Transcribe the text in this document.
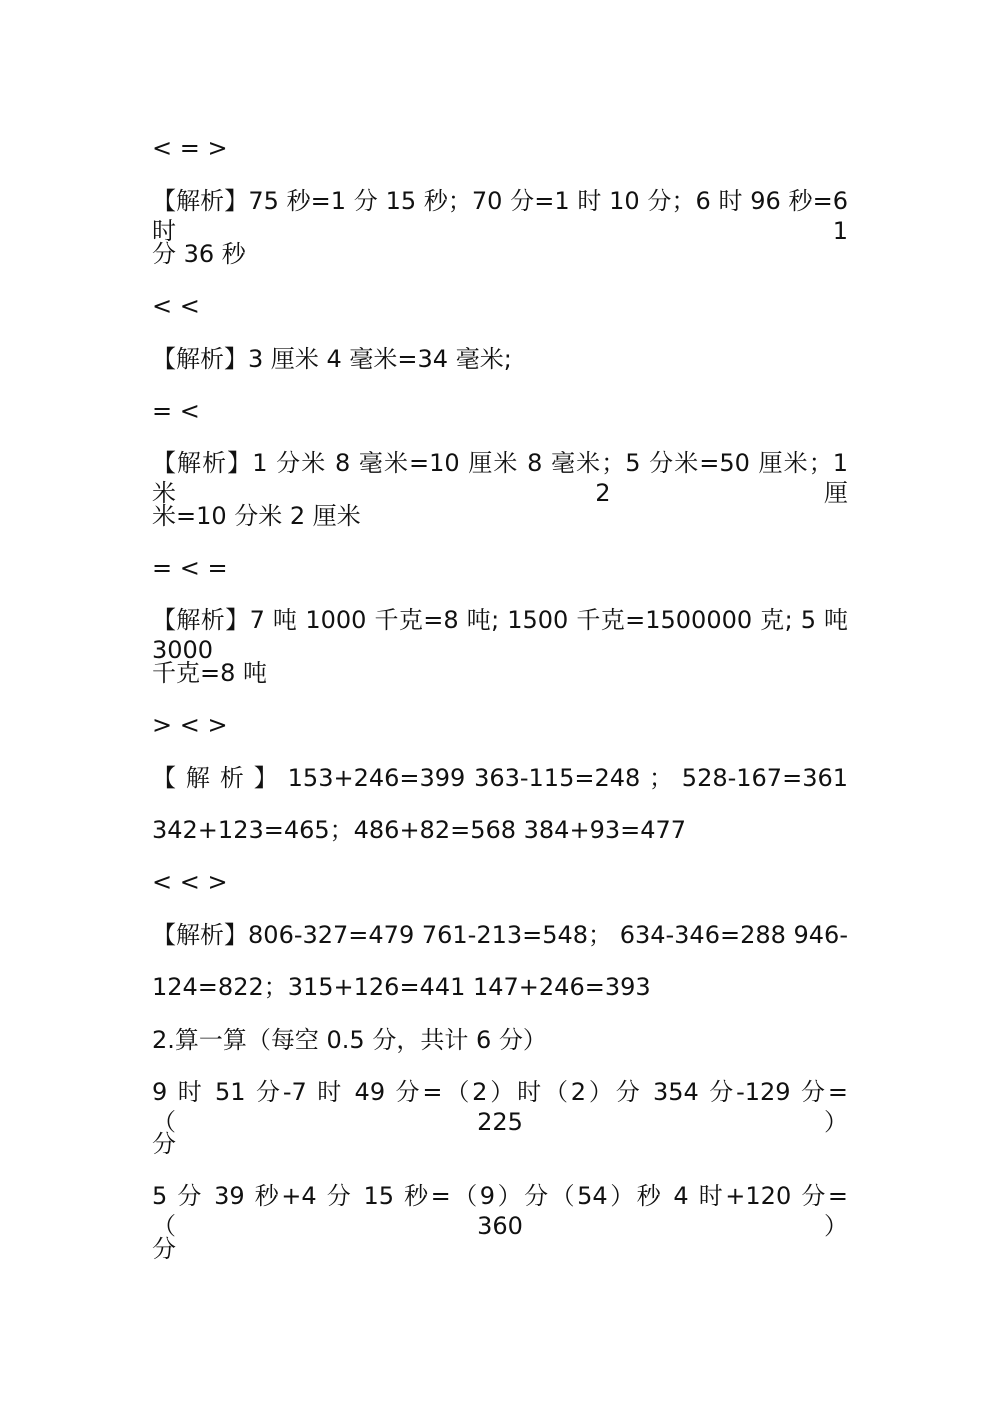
< = >
【解析】75 秒=1 分 15 秒；70 分=1 时 10 分；6 时 96 秒=6 时 1
分 36 秒
< <
【解析】3 厘米 4 毫米=34 毫米;
= <
【解析】1 分米 8 毫米=10 厘米 8 毫米；5 分米=50 厘米；1 米 2 厘
米=10 分米 2 厘米
= < =
【解析】7 吨 1000 千克=8 吨; 1500 千克=1500000 克; 5 吨 3000
千克=8 吨
> < >
【 解 析 】 153+246=399 363-115=248 ； 528-167=361
342+123=465；486+82=568 384+93=477
< < >
【解析】806-327=479 761-213=548； 634-346=288 946-
124=822；315+126=441 147+246=393
2.算一算（每空 0.5 分，共计 6 分）
9 时 51 分-7 时 49 分=（2）时（2）分 354 分-129 分=（225）
分
5 分 39 秒+4 分 15 秒=（9）分（54）秒 4 时+120 分=（360）
分
